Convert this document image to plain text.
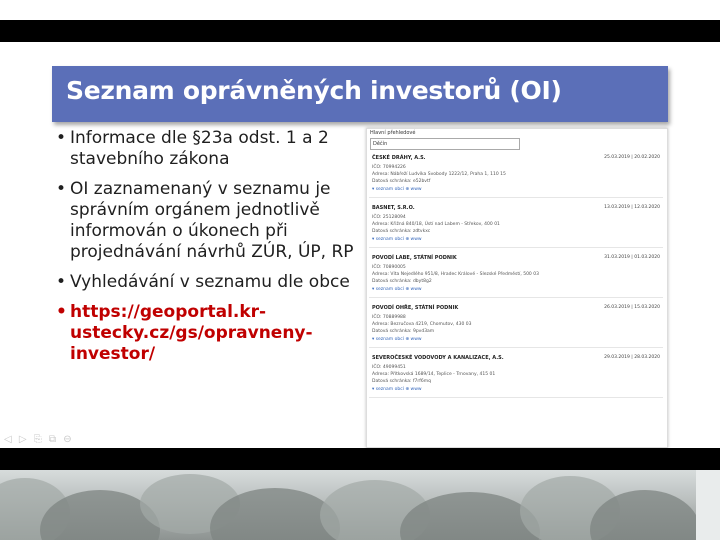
Seznam oprávněných investorů (OI)
• Informace dle §23a odst. 1 a 2 stavebního zákona
• OI zaznamenaný v seznamu je správním orgánem jednotlivě informován o úkonech při projednávání návrhů ZÚR, ÚP, RP
• Vyhledávání v seznamu dle obce
• https://geoportal.kr-ustecky.cz/gs/opravneny-investor/
Hlavní přehledové
Děčín
ČESKÉ DRÁHY, A.S.	25.03.2019 | 20.02.2020
IČO: 70994226
Adresa: Nábřeží Ludvíka Svobody 1222/12, Praha 1, 110 15
Datová schránka: e52bvtf
▾ seznam obcí ⊕ www
BASNET, S.R.O.	13.03.2019 | 12.03.2020
IČO: 25128094
Adresa: Křižná 840/18, Ústí nad Labem - Střekov, 400 01
Datová schránka: zdtvkxc
▾ seznam obcí ⊕ www
POVODÍ LABE, STÁTNÍ PODNIK	31.03.2019 | 01.03.2020
IČO: 70890005
Adresa: Víta Nejedlého 951/8, Hradec Králové - Slezské Předměstí, 500 03
Datová schránka: dbyt8g2
▾ seznam obcí ⊕ www
POVODÍ OHŘE, STÁTNÍ PODNIK	26.03.2019 | 15.03.2020
IČO: 70889988
Adresa: Bezručova 4219, Chomutov, 430 03
Datová schránka: 9pvd3am
▾ seznam obcí ⊕ www
SEVEROČESKÉ VODOVODY A KANALIZACE, A.S.	29.03.2019 | 28.03.2020
IČO: 49099451
Adresa: Přítkovská 1689/14, Teplice - Trnovany, 415 01
Datová schránka: f7rf6mq
▾ seznam obcí ⊕ www
◁ ▷ ⎘ ⧉ ⊖
